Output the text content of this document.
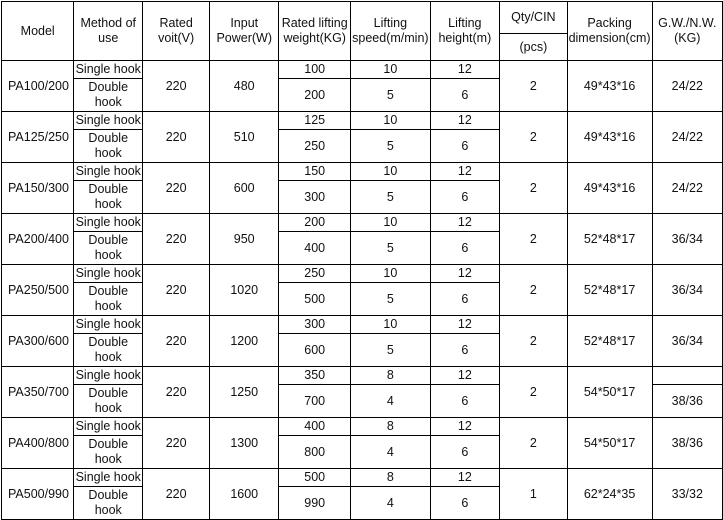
Model	Method of use	Rated voit(V)	Input Power(W)	Rated lifting weight(KG)	Lifting speed(m/min)	Lifting height(m)	Qty/CIN	Packing dimension(cm)	G.W./N.W.(KG)
							(pcs)		
PA100/200	Single hook	220	480	100	10	12	2	49*43*16	24/22
	Double hook			200	5	6			
PA125/250	Single hook	220	510	125	10	12	2	49*43*16	24/22
	Double hook			250	5	6			
PA150/300	Single hook	220	600	150	10	12	2	49*43*16	24/22
	Double hook			300	5	6			
PA200/400	Single hook	220	950	200	10	12	2	52*48*17	36/34
	Double hook			400	5	6			
PA250/500	Single hook	220	1020	250	10	12	2	52*48*17	36/34
	Double hook			500	5	6			
PA300/600	Single hook	220	1200	300	10	12	2	52*48*17	36/34
	Double hook			600	5	6			
PA350/700	Single hook	220	1250	350	8	12	2	54*50*17	
	Double hook			700	4	6			38/36
PA400/800	Single hook	220	1300	400	8	12	2	54*50*17	38/36
	Double hook			800	4	6			
PA500/990	Single hook	220	1600	500	8	12	1	62*24*35	33/32
	Double hook			990	4	6			
